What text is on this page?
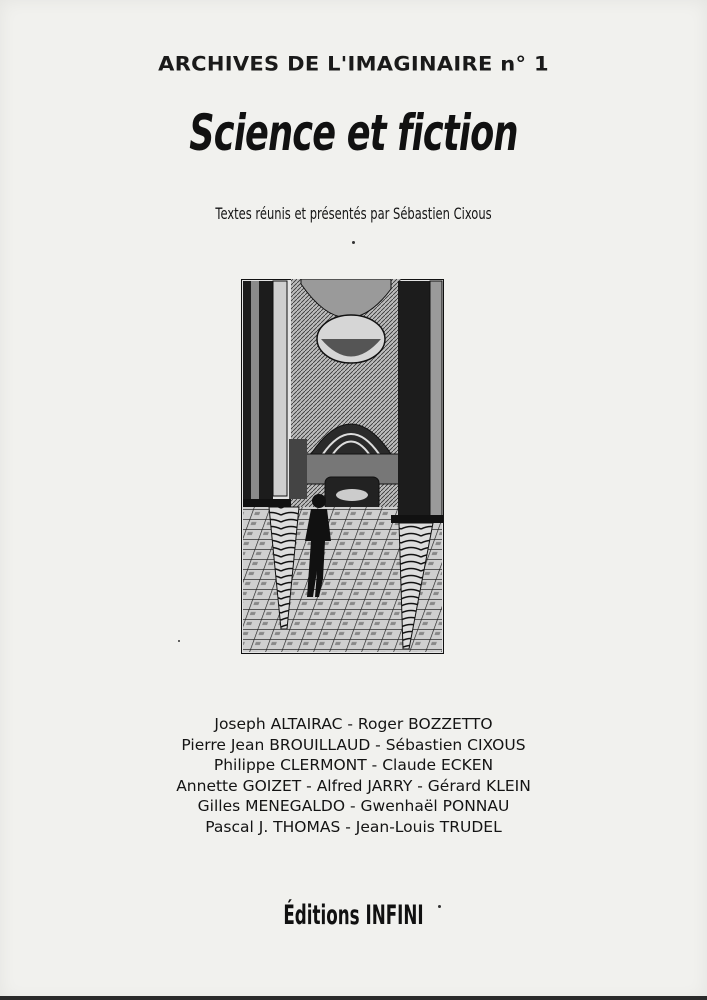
ARCHIVES DE L'IMAGINAIRE n° 1
Science et fiction
Textes réunis et présentés par Sébastien Cixous
Joseph ALTAIRAC - Roger BOZZETTO
Pierre Jean BROUILLAUD - Sébastien CIXOUS
Philippe CLERMONT - Claude ECKEN
Annette GOIZET - Alfred JARRY - Gérard KLEIN
Gilles MENEGALDO - Gwenhaël PONNAU
Pascal J. THOMAS - Jean-Louis TRUDEL
Éditions INFINI
